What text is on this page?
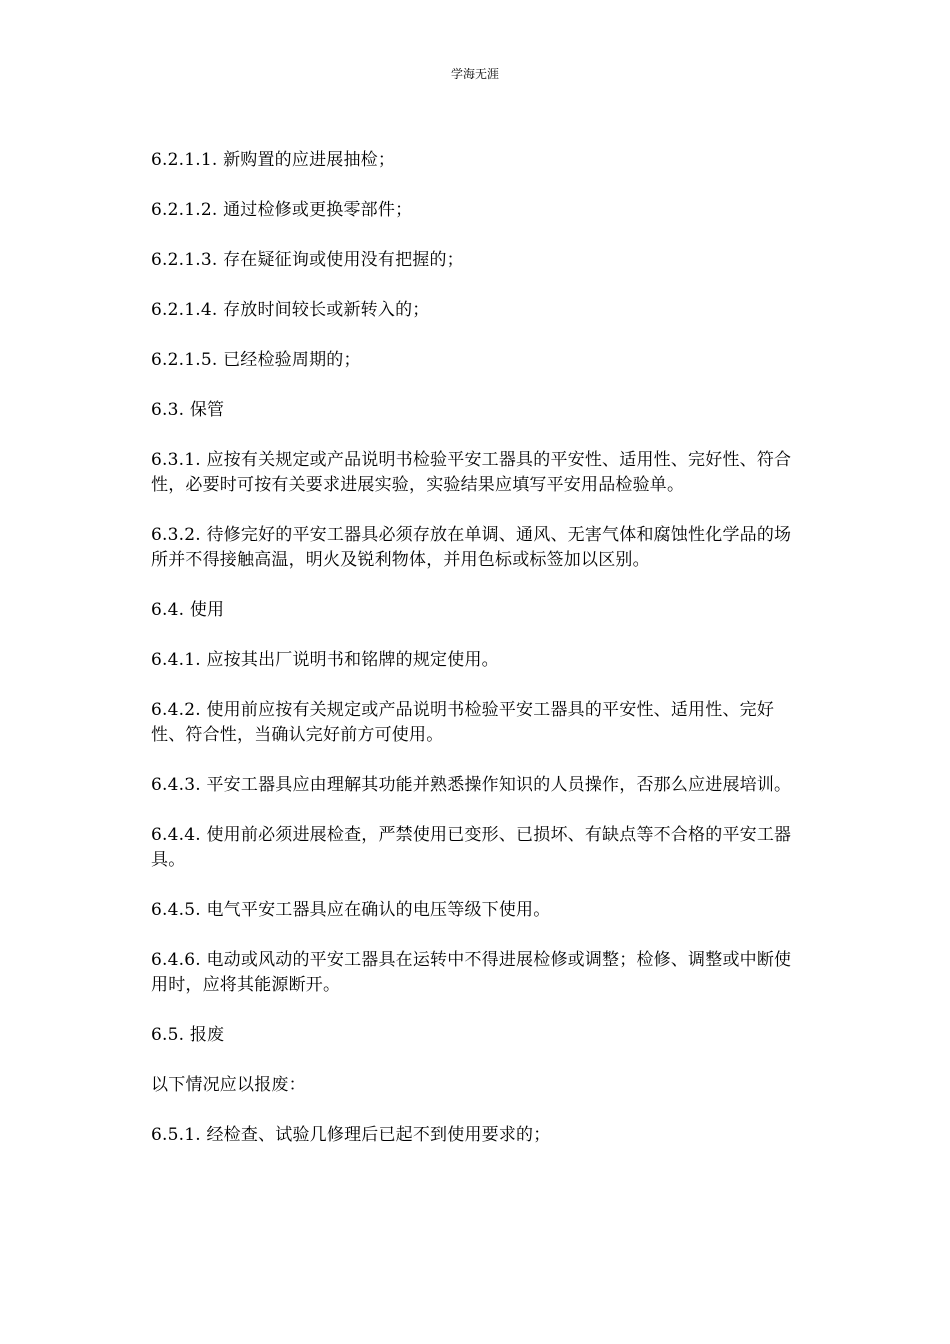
学海无涯

6.2.1.1. 新购置的应进展抽检；

6.2.1.2. 通过检修或更换零部件；

6.2.1.3. 存在疑征询或使用没有把握的；

6.2.1.4. 存放时间较长或新转入的；

6.2.1.5. 已经检验周期的；

6.3. 保管

6.3.1. 应按有关规定或产品说明书检验平安工器具的平安性、适用性、完好性、符合性，必要时可按有关要求进展实验，实验结果应填写平安用品检验单。

6.3.2. 待修完好的平安工器具必须存放在单调、通风、无害气体和腐蚀性化学品的场所并不得接触高温，明火及锐利物体，并用色标或标签加以区别。

6.4. 使用

6.4.1. 应按其出厂说明书和铭牌的规定使用。

6.4.2. 使用前应按有关规定或产品说明书检验平安工器具的平安性、适用性、完好性、符合性，当确认完好前方可使用。

6.4.3. 平安工器具应由理解其功能并熟悉操作知识的人员操作，否那么应进展培训。

6.4.4. 使用前必须进展检查，严禁使用已变形、已损坏、有缺点等不合格的平安工器具。

6.4.5. 电气平安工器具应在确认的电压等级下使用。

6.4.6. 电动或风动的平安工器具在运转中不得进展检修或调整；检修、调整或中断使用时，应将其能源断开。

6.5. 报废

以下情况应以报废：

6.5.1. 经检查、试验几修理后已起不到使用要求的；
